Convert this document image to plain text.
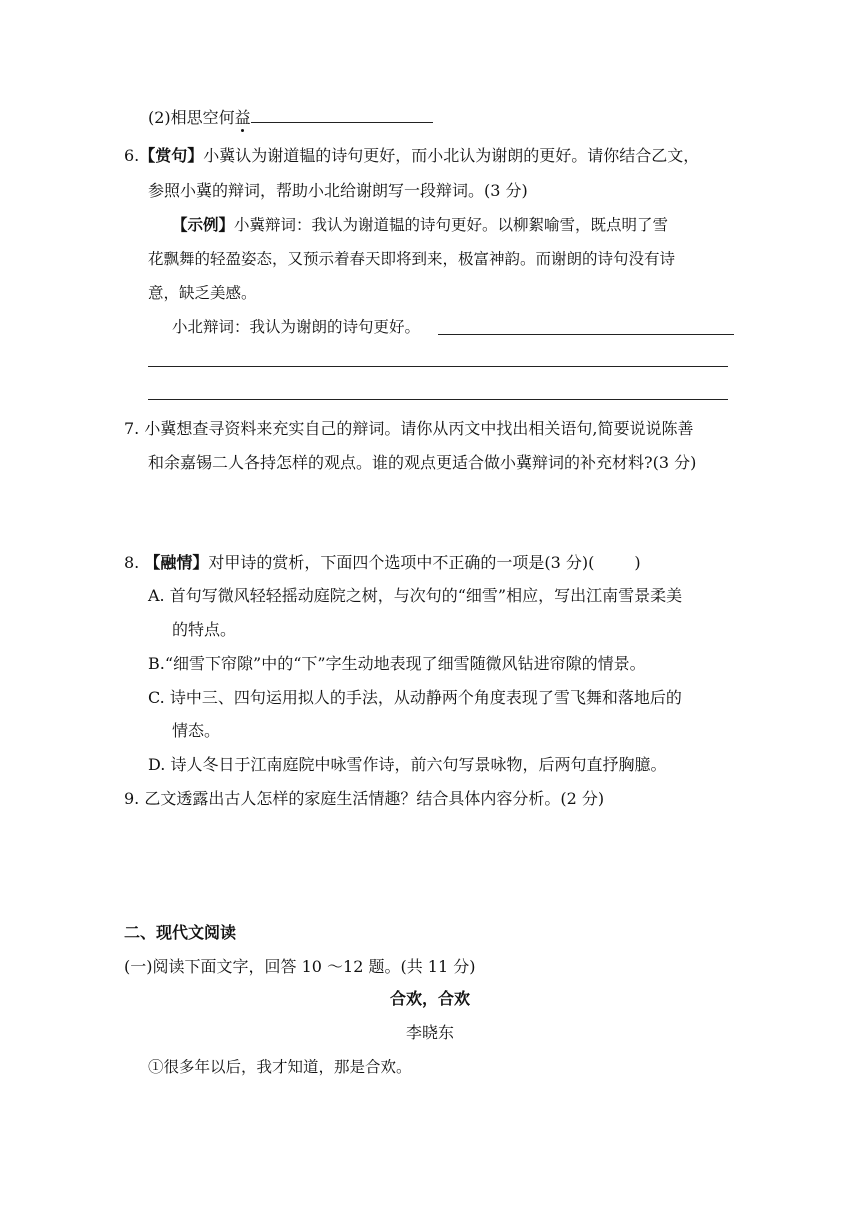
(2)相思空何益
6.【赏句】小冀认为谢道韫的诗句更好，而小北认为谢朗的更好。请你结合乙文，
参照小冀的辩词，帮助小北给谢朗写一段辩词。(3 分)
【示例】小冀辩词：我认为谢道韫的诗句更好。以柳絮喻雪，既点明了雪
花飘舞的轻盈姿态，又预示着春天即将到来，极富神韵。而谢朗的诗句没有诗
意，缺乏美感。
小北辩词：我认为谢朗的诗句更好。
7. 小冀想查寻资料来充实自己的辩词。请你从丙文中找出相关语句,简要说说陈善
和余嘉锡二人各持怎样的观点。谁的观点更适合做小冀辩词的补充材料?(3 分)
8. 【融情】对甲诗的赏析，下面四个选项中不正确的一项是(3 分)(	)
A. 首句写微风轻轻摇动庭院之树，与次句的“细雪”相应，写出江南雪景柔美
的特点。
B.“细雪下帘隙”中的“下”字生动地表现了细雪随微风钻进帘隙的情景。
C. 诗中三、四句运用拟人的手法，从动静两个角度表现了雪飞舞和落地后的
情态。
D. 诗人冬日于江南庭院中咏雪作诗，前六句写景咏物，后两句直抒胸臆。
9. 乙文透露出古人怎样的家庭生活情趣？结合具体内容分析。(2 分)
二、现代文阅读
(一)阅读下面文字，回答 10 ～12 题。(共 11 分)
合欢，合欢
李晓东
①很多年以后，我才知道，那是合欢。
